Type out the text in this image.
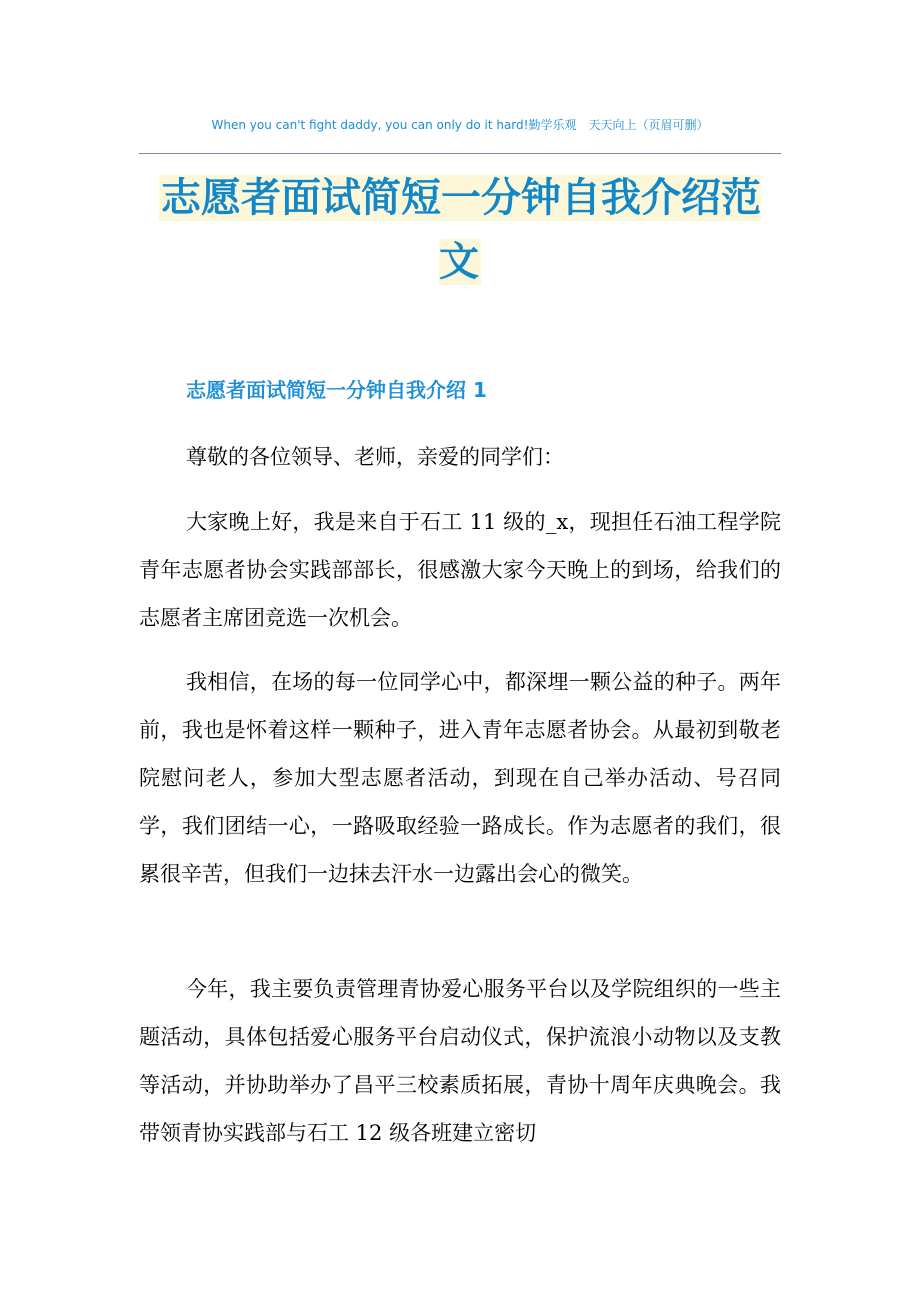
When you can't fight daddy, you can only do it hard!勤学乐观　天天向上（页眉可删）
志愿者面试简短一分钟自我介绍范文
志愿者面试简短一分钟自我介绍 1

尊敬的各位领导、老师，亲爱的同学们：

大家晚上好，我是来自于石工 11 级的_x，现担任石油工程学院青年志愿者协会实践部部长，很感激大家今天晚上的到场，给我们的志愿者主席团竞选一次机会。

我相信，在场的每一位同学心中，都深埋一颗公益的种子。两年前，我也是怀着这样一颗种子，进入青年志愿者协会。从最初到敬老院慰问老人，参加大型志愿者活动，到现在自己举办活动、号召同学，我们团结一心，一路吸取经验一路成长。作为志愿者的我们，很累很辛苦，但我们一边抹去汗水一边露出会心的微笑。

今年，我主要负责管理青协爱心服务平台以及学院组织的一些主题活动，具体包括爱心服务平台启动仪式，保护流浪小动物以及支教等活动，并协助举办了昌平三校素质拓展，青协十周年庆典晚会。我带领青协实践部与石工 12 级各班建立密切
